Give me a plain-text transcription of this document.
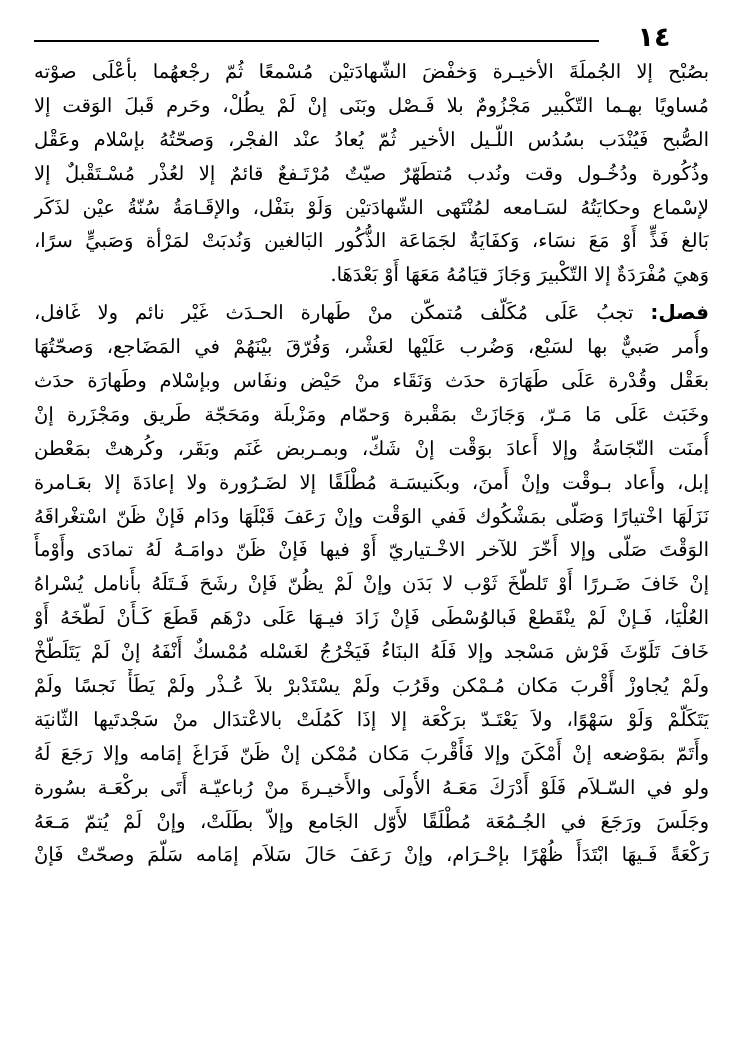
١٤
بصُبْح إلا الجُملَةَ الأخيـرة وَخفْضَ الشّهادَتيْن مُسْمعًا ثُمّ رجْعهُما بأعْلَى صوْته
مُساويًا بهـما التّكْبير مَجْزُومٌ بلا فَـصْل وبَنَى إنْ لَمْ يطُلْ، وحَرم قَبلَ الوَقت إلا
الصُّبح فَيُنْدَب بسُدُس اللّـيل الأخير ثُمّ يُعادُ عنْد الفجْر، وَصحّتُهُ بإسْلام وعَقْل
وذُكُورة ودُخُـول وقت ونُدب مُتطَهّرٌ صيّتٌ مُرْتَـفعٌ قائمٌ إلا لعُذْر مُسْـتَقْبلٌ إلا
لإسْماع وحكايَتُهُ لسَـامعه لمُنْتَهى الشّهادَتيْن وَلَوْ بنَفْل، والإقَـامَةُ سُنّةُ عيْن لذَكَر
بَالغ فَذٍّ أَوْ مَعَ نسَاء، وَكفَايَةٌ لجَمَاعَة الذُّكُور البَالغين وَنُدبَتْ لمَرْأة وَصَبيٍّ سرًا،
وَهيَ مُفْرَدَةٌ إلا التّكْبيرَ وَجَازَ قيَامُهُ مَعَهَا أَوْ بَعْدَهَا.
فصل: تجبُ عَلَى مُكَلّف مُتمكّن منْ طَهارة الحـدَث غَيْر نائم ولا غَافل،
وأُمر صَبيٌّ بها لسَبْع، وَضُرب عَلَيْها لعَشْر، وَفُرّقَ بيْنَهُمْ في المَضَاجع، وَصحّتُهَا
بعَقْل وقُدْرة عَلَى طَهَارَة حدَث وَنَقَاء منْ حَيْض ونفَاس وبإسْلام وطَهارَة حدَث
وخَبَث عَلَى مَا مَـرّ، وَجَازَتْ بمَقْبرة وَحمّام ومَزْبلَة ومَحَجّة طَريق ومَجْزَرة إنْ
أُمنَت النّجَاسَةُ وإلا أَعادَ بوَقْت إنْ شَكّ، وبمـربض غَنَم وبَقَر، وكُرهتْ بمَعْطن
إبل، وأَعاد بـوقْت وإنْ أَمنَ، وبكَنيسَـة مُطْلَقًا إلا لضَـرُورة ولا إعادَةَ إلا بعَـامرة
نَزَلَهَا اخْتيارًا وَصَلّى بمَشْكُوك فَفي الوَقْت وإنْ رَعَفَ قَبْلَهَا ودَام فَإنْ ظَنّ اسْتغْراقَهُ
الوَقْتَ صَلّى وإلا أَخّرَ للآخر الاخْـتياريّ أَوْ فيها فَإنْ ظَنّ دوامَـهُ لَهُ تمادَى وأَوْمأَ
إنْ خَافَ ضَـررًا أَوْ تَلطّخَ ثَوْب لا بَدَن وإنْ لَمْ يظُنّ فَإنْ رشَحَ فَـتَلَهُ بأَنامل يُسْراهُ
العُلْيَا، فَـإنْ لَمْ ينْقَطعْ فَبالوُسْطَى فَإنْ زَادَ فيـهَا عَلَى درْهَم قَطَعَ كَـأَنْ لَطّخَهُ أَوْ
خَافَ تَلَوّثَ فَرْش مَسْجد وإلا فَلَهُ البنَاءُ فَيَخْرُجُ لغَسْله مُمْسكٌ أَنْفَهُ إنْ لَمْ يَتَلَطّخْ
ولَمْ يُجاوزْ أَقْربَ مَكان مُـمْكن وقَرُبَ ولَمْ يسْتَدْبرْ بلاَ عُـذْر ولَمْ يَطَأْ نَجسًا ولَمْ
يَتَكَلّمْ وَلَوْ سَهْوًا، ولاَ يَعْتَـدّ برَكْعَة إلا إذَا كَمُلَتْ بالاعْتدَال منْ سَجْدتَيها الثّانيَة
وأَتَمّ بمَوْضعه إنْ أَمْكَنَ وإلا فَأَقْربَ مَكان مُمْكن إنْ ظَنّ فَرَاغَ إمَامه وإلا رَجَعَ لَهُ
ولو في السّـلاَم فَلَوْ أَدْرَكَ مَعَـهُ الأُولَى والأَخيـرةَ منْ رُباعيّـة أَتَى بركْعَـة بسُورة
وجَلَسَ ورَجَعَ في الجُـمُعَة مُطْلَقًا لأَوّل الجَامع وإلاّ بطَلَتْ، وإنْ لَمْ يُتمّ مَـعَهُ
رَكْعَةً فَـيهَا ابْتَدَأَ ظُهْرًا بإحْـرَام، وإنْ رَعَفَ حَالَ سَلاَم إمَامه سَلّمَ وصحّتْ فَإنْ
